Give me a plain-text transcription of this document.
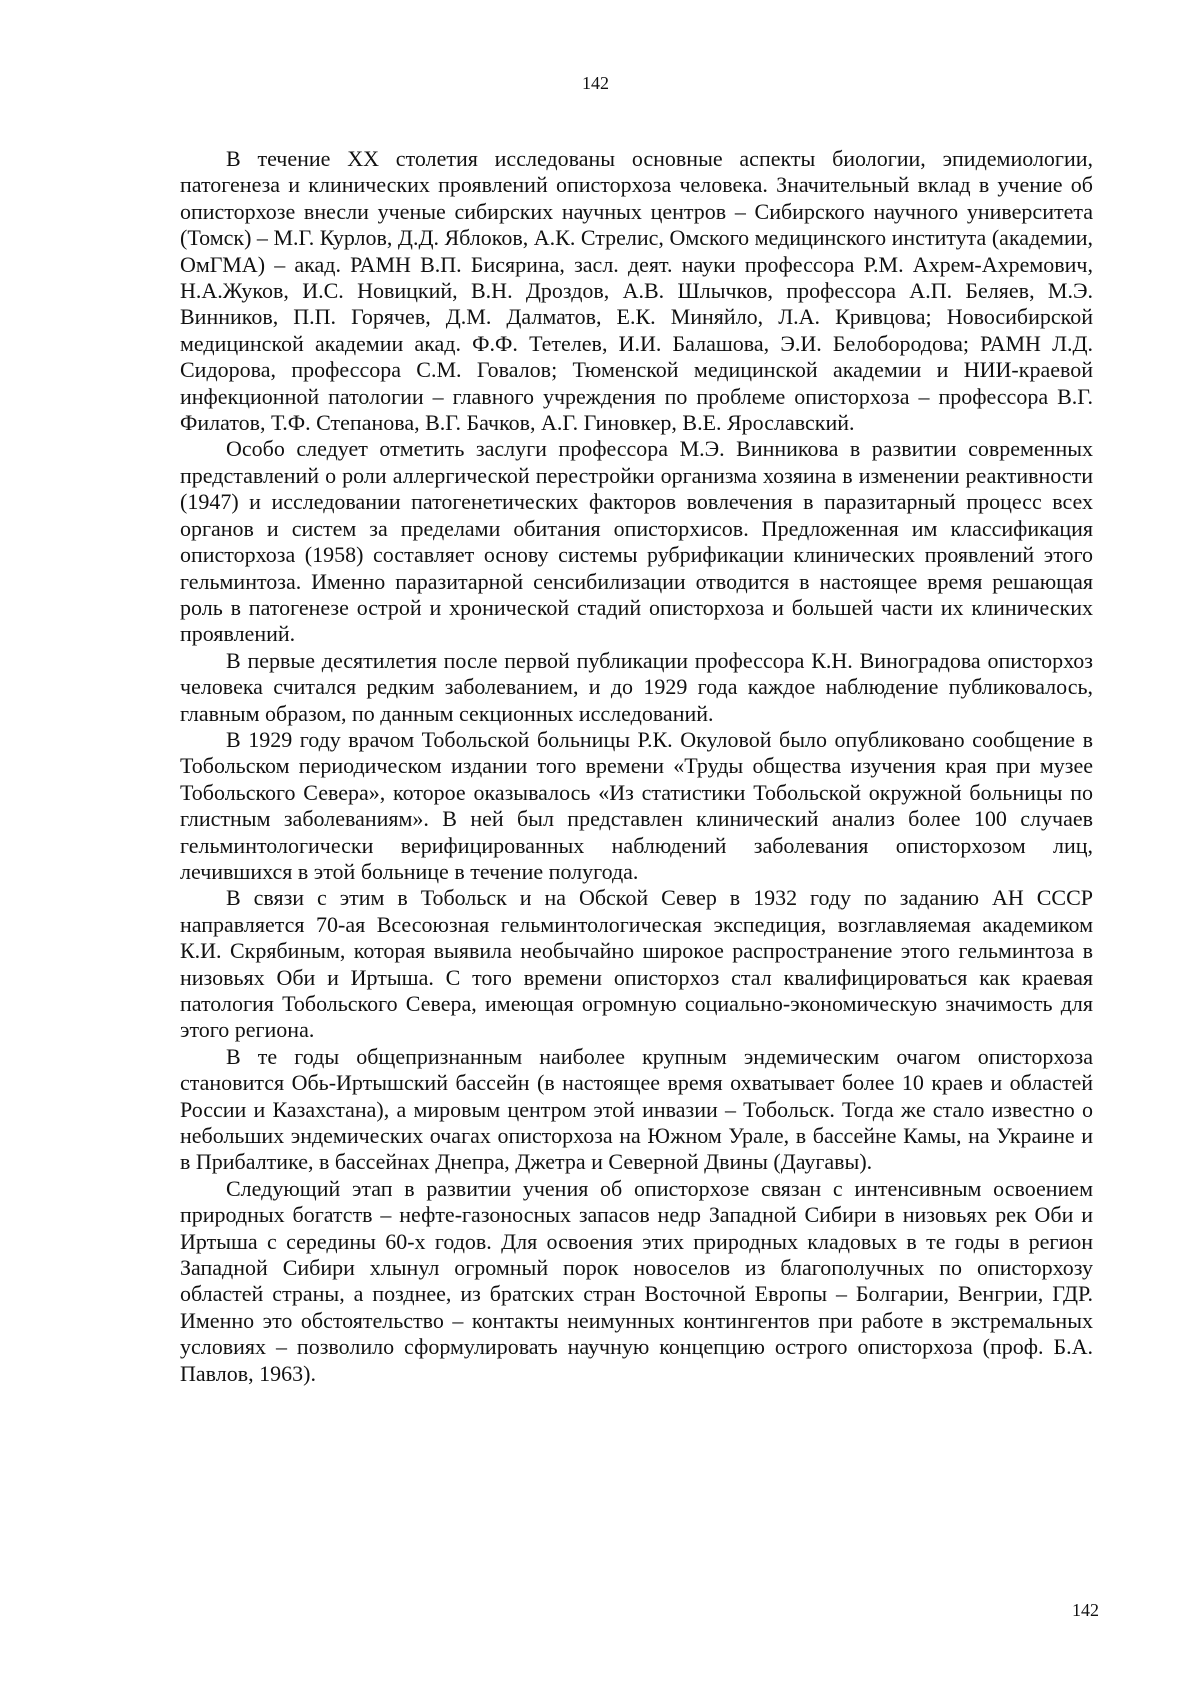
142

В течение XX столетия исследованы основные аспекты биологии, эпидемиологии, патогенеза и клинических проявлений описторхоза человека. Значительный вклад в учение об описторхозе внесли ученые сибирских научных центров – Сибирского научного университета (Томск) – М.Г. Курлов, Д.Д. Яблоков, А.К. Стрелис, Омского медицинского института (академии, ОмГМА) – акад. РАМН В.П. Бисярина, засл. деят. науки профессора Р.М. Ахрем-Ахремович, Н.А.Жуков, И.С. Новицкий, В.Н. Дроздов, А.В. Шлычков, профессора А.П. Беляев, М.Э. Винников, П.П. Горячев, Д.М. Далматов, Е.К. Миняйло, Л.А. Кривцова; Новосибирской медицинской академии акад. Ф.Ф. Тетелев, И.И. Балашова, Э.И. Белобородова; РАМН Л.Д. Сидорова, профессора С.М. Говалов; Тюменской медицинской академии и НИИ-краевой инфекционной патологии – главного учреждения по проблеме описторхоза – профессора В.Г. Филатов, Т.Ф. Степанова, В.Г. Бачков, А.Г. Гиновкер, В.Е. Ярославский.

Особо следует отметить заслуги профессора М.Э. Винникова в развитии современных представлений о роли аллергической перестройки организма хозяина в изменении реактивности (1947) и исследовании патогенетических факторов вовлечения в паразитарный процесс всех органов и систем за пределами обитания описторхисов. Предложенная им классификация описторхоза (1958) составляет основу системы рубрификации клинических проявлений этого гельминтоза. Именно паразитарной сенсибилизации отводится в настоящее время решающая роль в патогенезе острой и хронической стадий описторхоза и большей части их клинических проявлений.

В первые десятилетия после первой публикации профессора К.Н. Виноградова описторхоз человека считался редким заболеванием, и до 1929 года каждое наблюдение публиковалось, главным образом, по данным секционных исследований.

В 1929 году врачом Тобольской больницы Р.К. Окуловой было опубликовано сообщение в Тобольском периодическом издании того времени «Труды общества изучения края при музее Тобольского Севера», которое оказывалось «Из статистики Тобольской окружной больницы по глистным заболеваниям». В ней был представлен клинический анализ более 100 случаев гельминтологически верифицированных наблюдений заболевания описторхозом лиц, лечившихся в этой больнице в течение полугода.

В связи с этим в Тобольск и на Обской Север в 1932 году по заданию АН СССР направляется 70-ая Всесоюзная гельминтологическая экспедиция, возглавляемая академиком К.И. Скрябиным, которая выявила необычайно широкое распространение этого гельминтоза в низовьях Оби и Иртыша. С того времени описторхоз стал квалифицироваться как краевая патология Тобольского Севера, имеющая огромную социально-экономическую значимость для этого региона.

В те годы общепризнанным наиболее крупным эндемическим очагом описторхоза становится Обь-Иртышский бассейн (в настоящее время охватывает более 10 краев и областей России и Казахстана), а мировым центром этой инвазии – Тобольск. Тогда же стало известно о небольших эндемических очагах описторхоза на Южном Урале, в бассейне Камы, на Украине и в Прибалтике, в бассейнах Днепра, Джетра и Северной Двины (Даугавы).

Следующий этап в развитии учения об описторхозе связан с интенсивным освоением природных богатств – нефте-газоносных запасов недр Западной Сибири в низовьях рек Оби и Иртыша с середины 60-х годов. Для освоения этих природных кладовых в те годы в регион Западной Сибири хлынул огромный порок новоселов из благополучных по описторхозу областей страны, а позднее, из братских стран Восточной Европы – Болгарии, Венгрии, ГДР. Именно это обстоятельство – контакты неимунных контингентов при работе в экстремальных условиях – позволило сформулировать научную концепцию острого описторхоза (проф. Б.А. Павлов, 1963).

142
